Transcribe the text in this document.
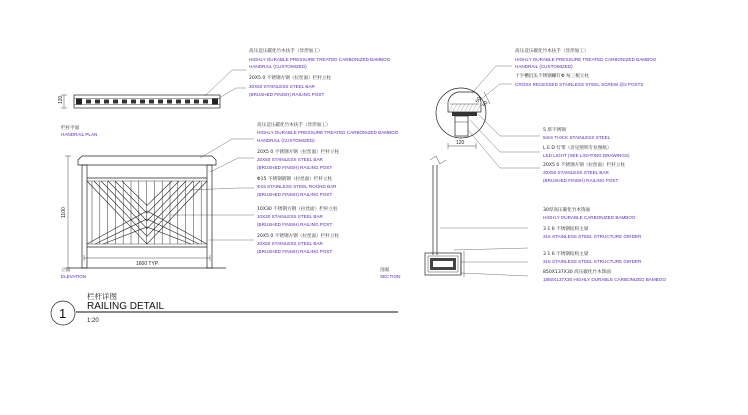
120
栏杆平面
HANDRAIL PLAN
高压竞压碳化竹木扶手（异形加工）
HIGHLY DURABLE PRESSURE TREATED CARBONIZED BAMBOO
HANDRAIL (CUSTOMIZED)
20X5 0 不锈钢方钢（拉丝面）栏杆立柱
20X50 STAINLESS STEEL BAR
(BRUSHED FINISH) RAILING POST
1100
1600 TYP.
立面
ELEVATION
高压竞压碳化竹木扶手（异形加工）
HIGHLY DURABLE PRESSURE TREATED CARBONIZED BAMBOO
HANDRAIL (CUSTOMIZED)
20X5 0 不锈钢方钢（拉丝面）栏杆立柱
20X50 STAINLESS STEEL BAR
(BRUSHED FINISH) RAILING POST
Φ15 不锈钢圆钢（拉丝面）栏杆立柱
Φ15 STAINLESS STEEL ROUND BAR
(BRUSHED FINISH) RAILING POST
10X30 不锈钢方钢（拉丝面）栏杆立柱
10X30 STAINLESS STEEL BAR
(BRUSHED FINISH) RAILING POST
20X5 0 不锈钢方钢（拉丝面）栏杆立柱
20X50 STAINLESS STEEL BAR
(BRUSHED FINISH) RAILING POST
剖面
SECTION
120
50
50
高压竞压碳化竹木扶手（异形加工）
HIGHLY DURABLE PRESSURE TREATED CARBONIZED BAMBOO
HANDRAIL (CUSTOMIZED)
十字槽沉头不锈钢螺钉Φ 每三根立柱
CROSS RECESSED STAINLESS STEEL SCREW @3 POSTS
5 厚不锈钢
5mm THICK STAINLESS STEEL
L E D 灯带（详见照明专业图纸）
LED LIGHT (SEE LIGHTING DRAWINGS)
20X5 0 不锈钢方钢（拉丝面）栏杆立柱
20X50 STAINLESS STEEL BAR
(BRUSHED FINISH) RAILING POST
30厚高压碳化竹木饰面
HIGHLY DURABLE CARBONIZED BAMBOO
3 1 6 不锈钢结构主梁
316 STAINLESS STEEL STRUCTURE GIRDER
3 1 6 不锈钢结构主梁
316 STAINLESS STEEL STRUCTURE GIRDER
850X137X30 高压碳化竹木饰面
1850X137X30 HIGHLY DURABLE CARBONIZED BAMBOO
1
栏杆详图
RAILING DETAIL
1:20
